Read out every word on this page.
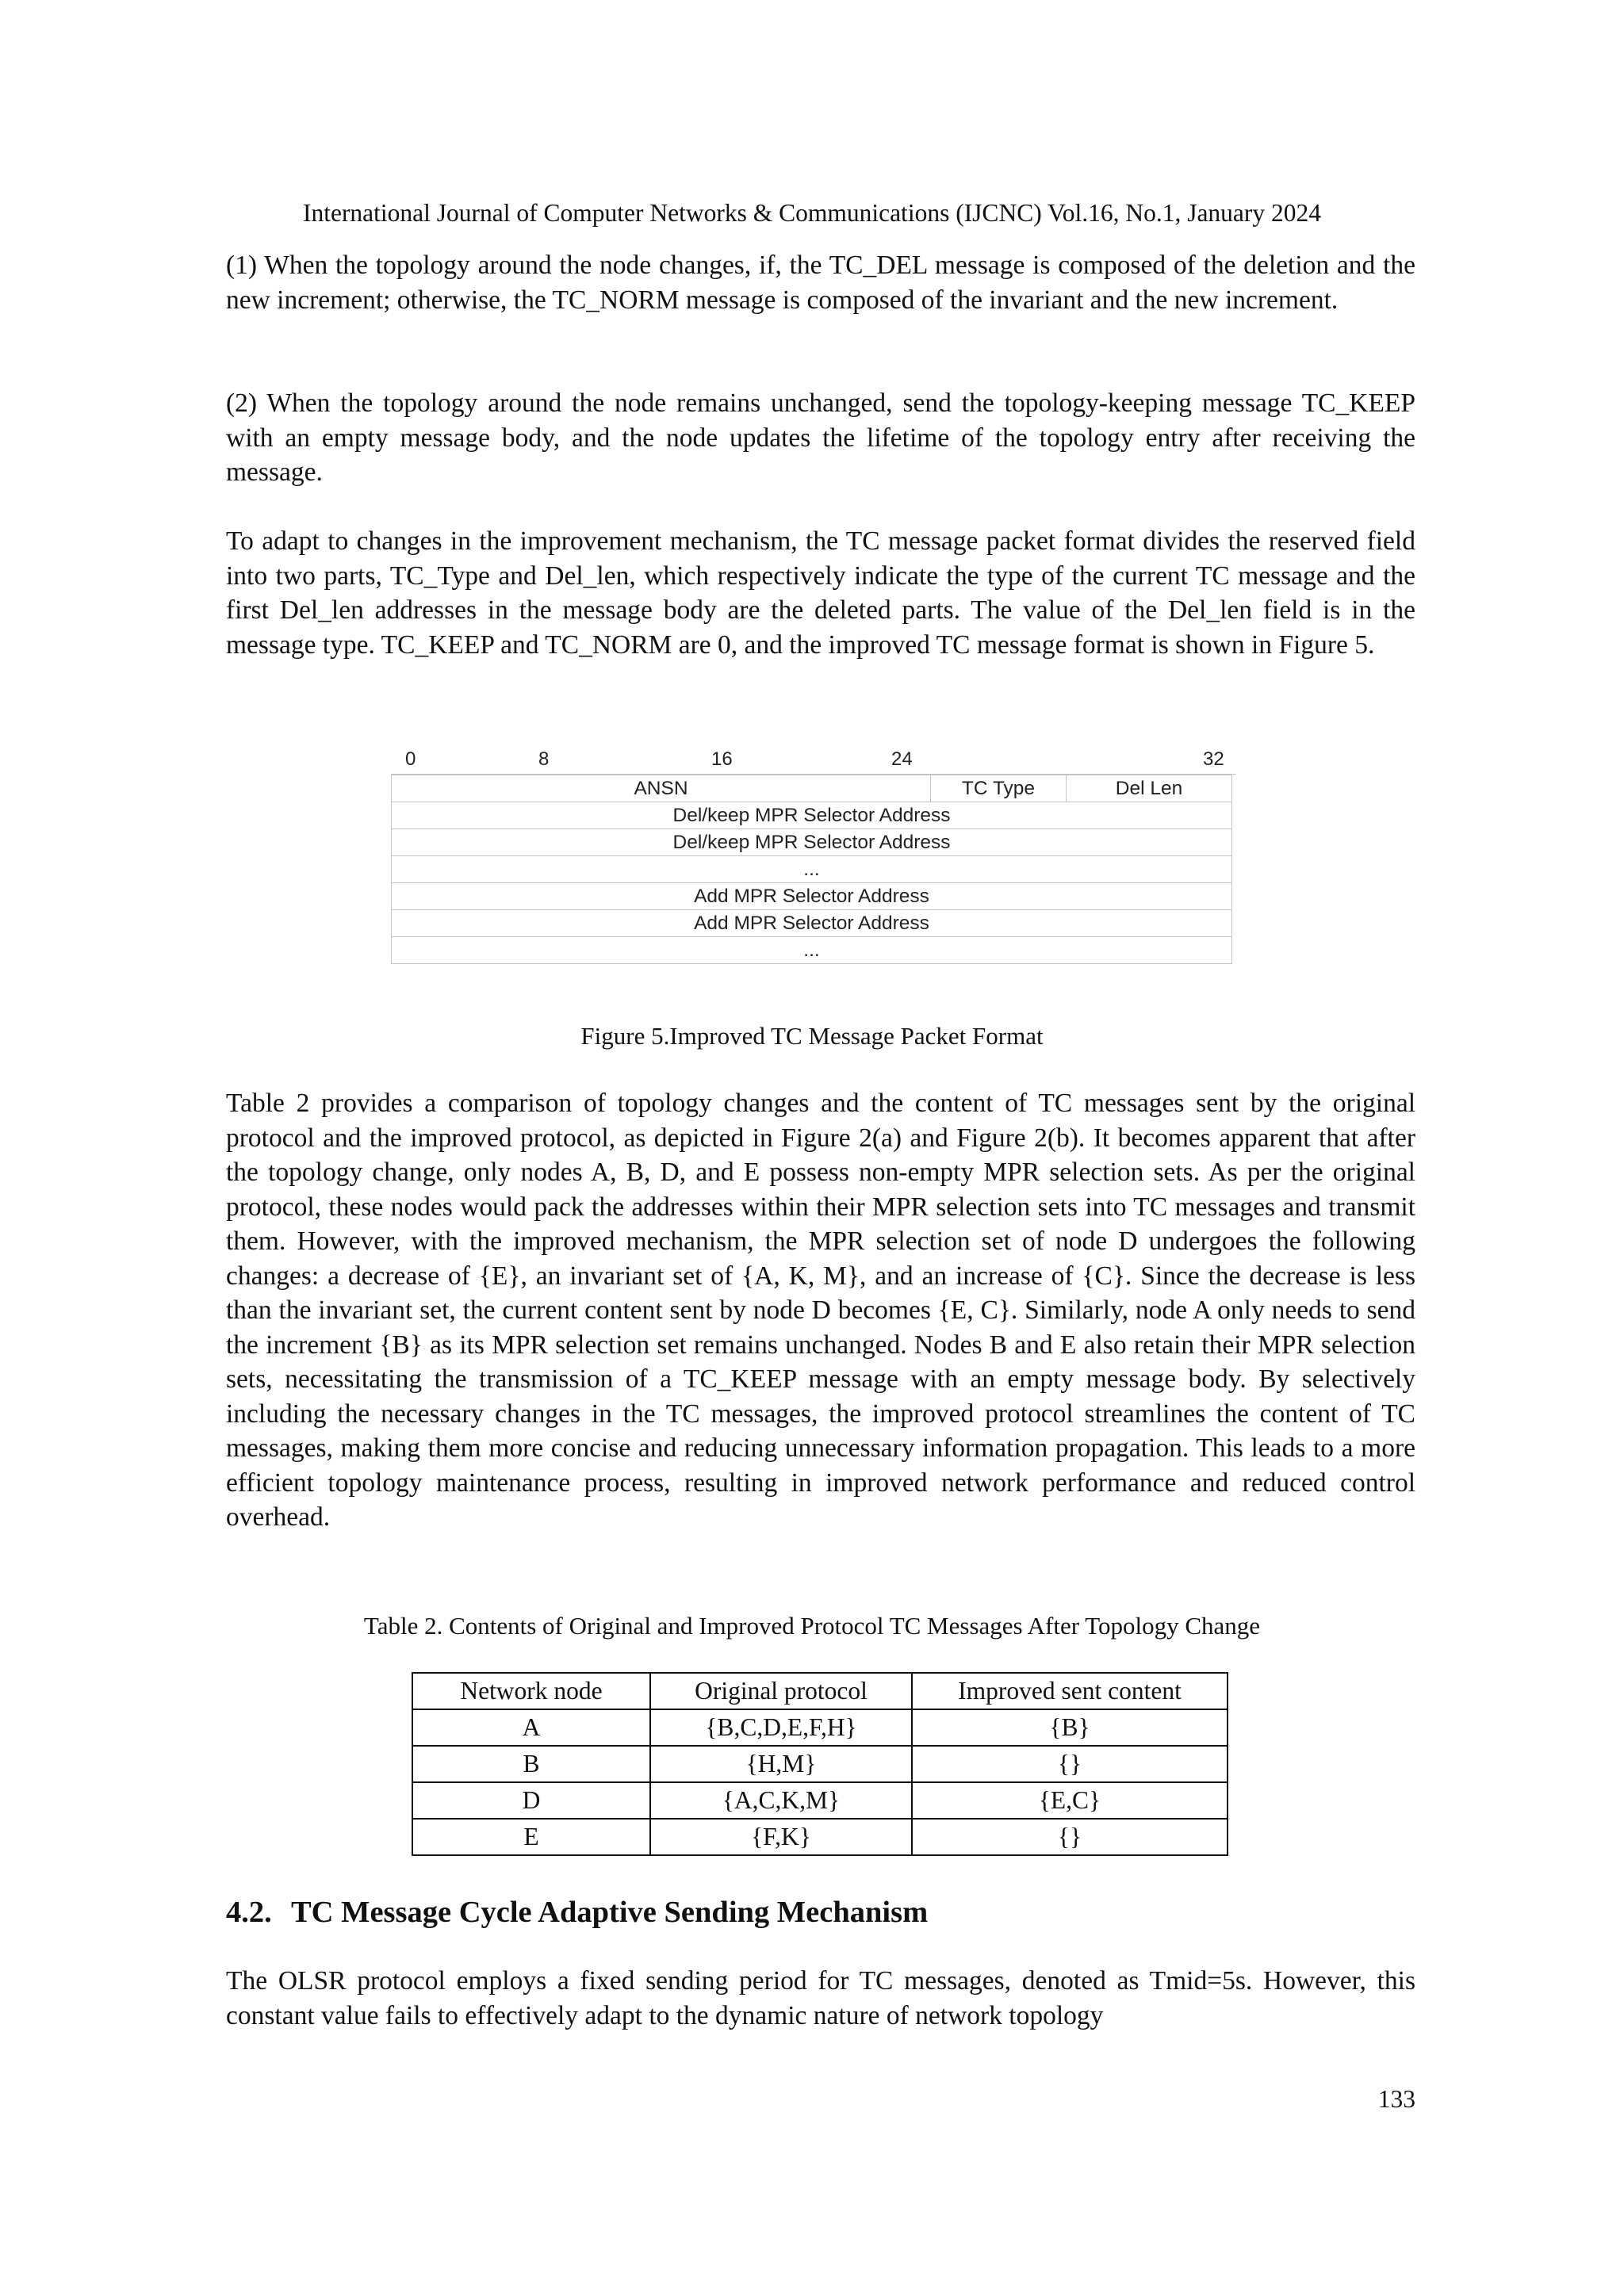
International Journal of Computer Networks & Communications (IJCNC) Vol.16, No.1, January 2024

(1) When the topology around the node changes, if, the TC_DEL message is composed of the deletion and the new increment; otherwise, the TC_NORM message is composed of the invariant and the new increment.

(2) When the topology around the node remains unchanged, send the topology-keeping message TC_KEEP with an empty message body, and the node updates the lifetime of the topology entry after receiving the message.

To adapt to changes in the improvement mechanism, the TC message packet format divides the reserved field into two parts, TC_Type and Del_len, which respectively indicate the type of the current TC message and the first Del_len addresses in the message body are the deleted parts. The value of the Del_len field is in the message type. TC_KEEP and TC_NORM are 0, and the improved TC message format is shown in Figure 5.

0	8	16	24	32
ANSN	TC Type	Del Len
Del/keep MPR Selector Address
Del/keep MPR Selector Address
...
Add MPR Selector Address
Add MPR Selector Address
...
Figure 5.Improved TC Message Packet Format

Table 2 provides a comparison of topology changes and the content of TC messages sent by the original protocol and the improved protocol, as depicted in Figure 2(a) and Figure 2(b). It becomes apparent that after the topology change, only nodes A, B, D, and E possess non-empty MPR selection sets. As per the original protocol, these nodes would pack the addresses within their MPR selection sets into TC messages and transmit them. However, with the improved mechanism, the MPR selection set of node D undergoes the following changes: a decrease of {E}, an invariant set of {A, K, M}, and an increase of {C}. Since the decrease is less than the invariant set, the current content sent by node D becomes {E, C}. Similarly, node A only needs to send the increment {B} as its MPR selection set remains unchanged. Nodes B and E also retain their MPR selection sets, necessitating the transmission of a TC_KEEP message with an empty message body. By selectively including the necessary changes in the TC messages, the improved protocol streamlines the content of TC messages, making them more concise and reducing unnecessary information propagation. This leads to a more efficient topology maintenance process, resulting in improved network performance and reduced control overhead.

Table 2. Contents of Original and Improved Protocol TC Messages After Topology Change
Network node	Original protocol	Improved sent content
A	{B,C,D,E,F,H}	{B}
B	{H,M}	{}
D	{A,C,K,M}	{E,C}
E	{F,K}	{}
4.2. TC Message Cycle Adaptive Sending Mechanism

The OLSR protocol employs a fixed sending period for TC messages, denoted as Tmid=5s. However, this constant value fails to effectively adapt to the dynamic nature of network topology

133
